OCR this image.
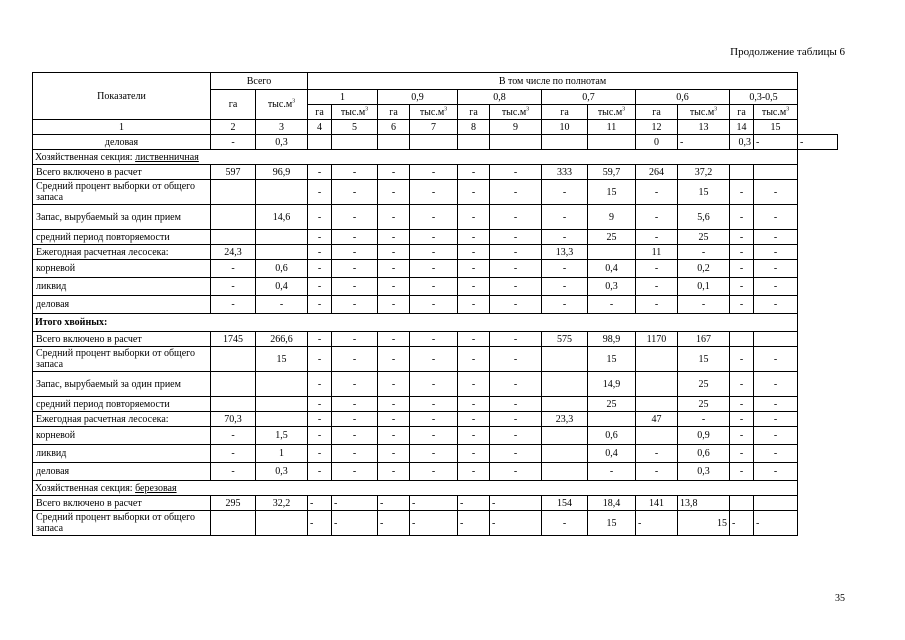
Продолжение таблицы 6
Показатели	Всего		В том числе по полнотам												
	га	$тыс.м^3$	1		0,9		0,8		0,7		0,6		0,3-0,5		
			га	$тыс.м^3$	га	$тыс.м^3$	га	$тыс.м^3$	га	$тыс.м^3$	га	$тыс.м^3$	га	$тыс.м^3$
1	2	3	4	5	6	7	8	9	10	11	12	13	14	15	
деловая	-	0,3									0	-	0,3	-	-
Хозяйственная секция: лиственничная															
Всего включено в расчет	597	96,9	-	-	-	-	-	-	333	59,7	264	37,2			
Средний процент выборки от общего запаса			-	-	-	-	-	-	-	15	-	15	-	-	
Запас, вырубаемый за один прием		14,6	-	-	-	-	-	-	-	9	-	5,6	-	-	
средний период повторяемости			-	-	-	-	-	-	-	25	-	25	-	-	
Ежегодная расчетная лесосека:	24,3		-	-	-	-	-	-	13,3		11	-	-	-	
корневой	-	0,6	-	-	-	-	-	-	-	0,4	-	0,2	-	-	
ликвид	-	0,4	-	-	-	-	-	-	-	0,3	-	0,1	-	-	
деловая	-	-	-	-	-	-	-	-	-	-	-	-	-	-	
Итого хвойных:															
Всего включено в расчет	1745	266,6	-	-	-	-	-	-	575	98,9	1170	167			
Средний процент выборки от общего запаса		15	-	-	-	-	-	-		15		15	-	-	
Запас, вырубаемый за один прием			-	-	-	-	-	-		14,9		25	-	-	
средний период повторяемости			-	-	-	-	-	-		25		25	-	-	
Ежегодная расчетная лесосека:	70,3		-	-	-	-	-	-	23,3		47	-	-	-	
корневой	-	1,5	-	-	-	-	-	-		0,6		0,9	-	-	
ликвид	-	1	-	-	-	-	-	-		0,4	-	0,6	-	-	
деловая	-	0,3	-	-	-	-	-	-		-	-	0,3	-	-	
Хозяйственная секция: березовая															
Всего включено в расчет	295	32,2	-	-	-	-	-	-	154	18,4	141	13,8			
Средний процент выборки от общего запаса			-	-	-	-	-	-	-	15	-	15	-	-	
35
